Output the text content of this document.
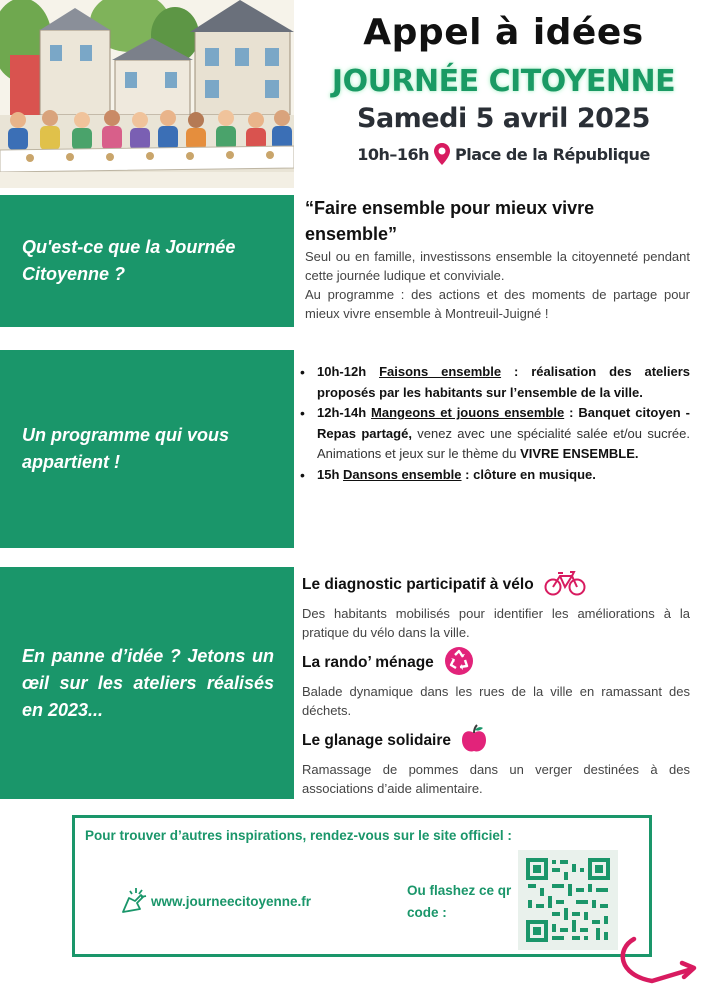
Appel à idées
JOURNÉE CITOYENNE
Samedi 5 avril 2025
10h–16h Place de la République
Qu'est-ce que la Journée Citoyenne ?
“Faire ensemble pour mieux vivre ensemble”

Seul ou en famille, investissons ensemble la citoyenneté pendant cette journée ludique et conviviale.

Au programme : des actions et des moments de partage pour mieux vivre ensemble à Montreuil-Juigné !

Un programme qui vous appartient !
• 10h-12h Faisons ensemble : réalisation des ateliers proposés par les habitants sur l’ensemble de la ville.
• 12h-14h Mangeons et jouons ensemble : Banquet citoyen - Repas partagé, venez avec une spécialité salée et/ou sucrée. Animations et jeux sur le thème du VIVRE ENSEMBLE.
• 15h Dansons ensemble : clôture en musique.
En panne d’idée ? Jetons un œil sur les ateliers réalisés en 2023...
Le diagnostic participatif à vélo

Des habitants mobilisés pour identifier les améliorations à la pratique du vélo dans la ville.

La rando’ ménage

Balade dynamique dans les rues de la ville en ramassant des déchets.

Le glanage solidaire

Ramassage de pommes dans un verger destinées à des associations d’aide alimentaire.

Pour trouver d’autres inspirations, rendez-vous sur le site officiel :
www.journeecitoyenne.fr
Ou flashez ce qr code :
